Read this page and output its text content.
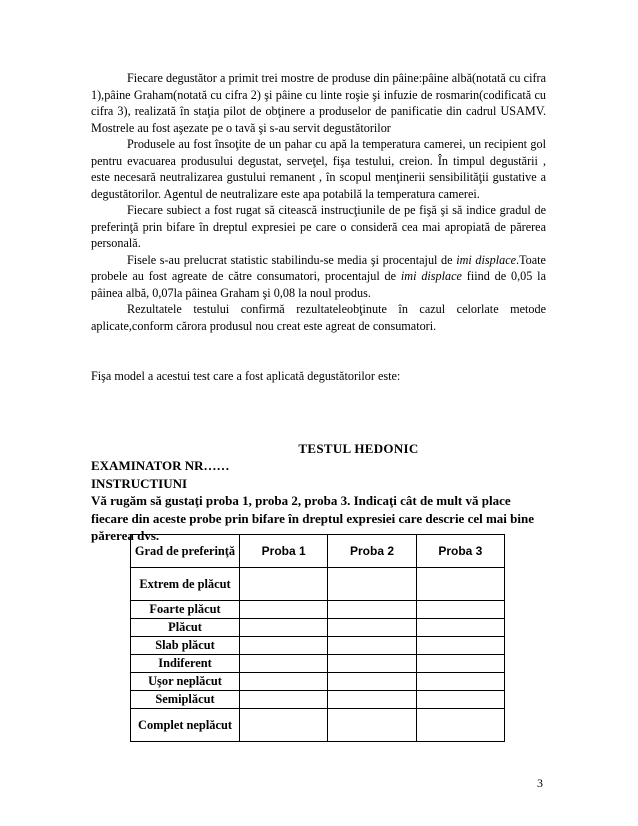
Fiecare degustător a primit trei mostre de produse din pâine:pâine albă(notată cu cifra 1),pâine Graham(notată cu cifra 2) şi pâine cu linte roşie şi infuzie de rosmarin(codificată cu cifra 3), realizată în staţia pilot de obţinere a produselor de panificatie din cadrul USAMV. Mostrele au fost aşezate pe o tavă şi s-au servit degustătorilor

Produsele au fost însoţite de un pahar cu apă la temperatura camerei, un recipient gol pentru evacuarea produsului degustat, serveţel, fişa testului, creion. În timpul degustării , este necesară neutralizarea gustului remanent , în scopul menţinerii sensibilităţii gustative a degustătorilor. Agentul de neutralizare este apa potabilă la temperatura camerei.

Fiecare subiect a fost rugat să citească instrucţiunile de pe fişă şi să indice gradul de preferinţă prin bifare în dreptul expresiei pe care o consideră cea mai apropiată de părerea personală.

Fisele s-au prelucrat statistic stabilindu-se media şi procentajul de imi displace.Toate probele au fost agreate de către consumatori, procentajul de imi displace fiind de 0,05 la pâinea albă, 0,07la pâinea Graham şi 0,08 la noul produs.

Rezultatele testului confirmă rezultateleobţinute în cazul celorlate metode aplicate,conform cărora produsul nou creat este agreat de consumatori.

Fişa model a acestui test care a fost aplicată degustătorilor este:

TESTUL HEDONIC

EXAMINATOR NR……

INSTRUCTIUNI

Vă rugăm să gustaţi proba 1, proba 2, proba 3. Indicaţi cât de mult vă place fiecare din aceste probe prin bifare în dreptul expresiei care descrie cel mai bine părerea dvs.

Grad de preferinţă	Proba 1	Proba 2	Proba 3
Extrem de plăcut			
Foarte plăcut			
Plăcut			
Slab plăcut			
Indiferent			
Uşor neplăcut			
Semiplăcut			
Complet neplăcut			
3
